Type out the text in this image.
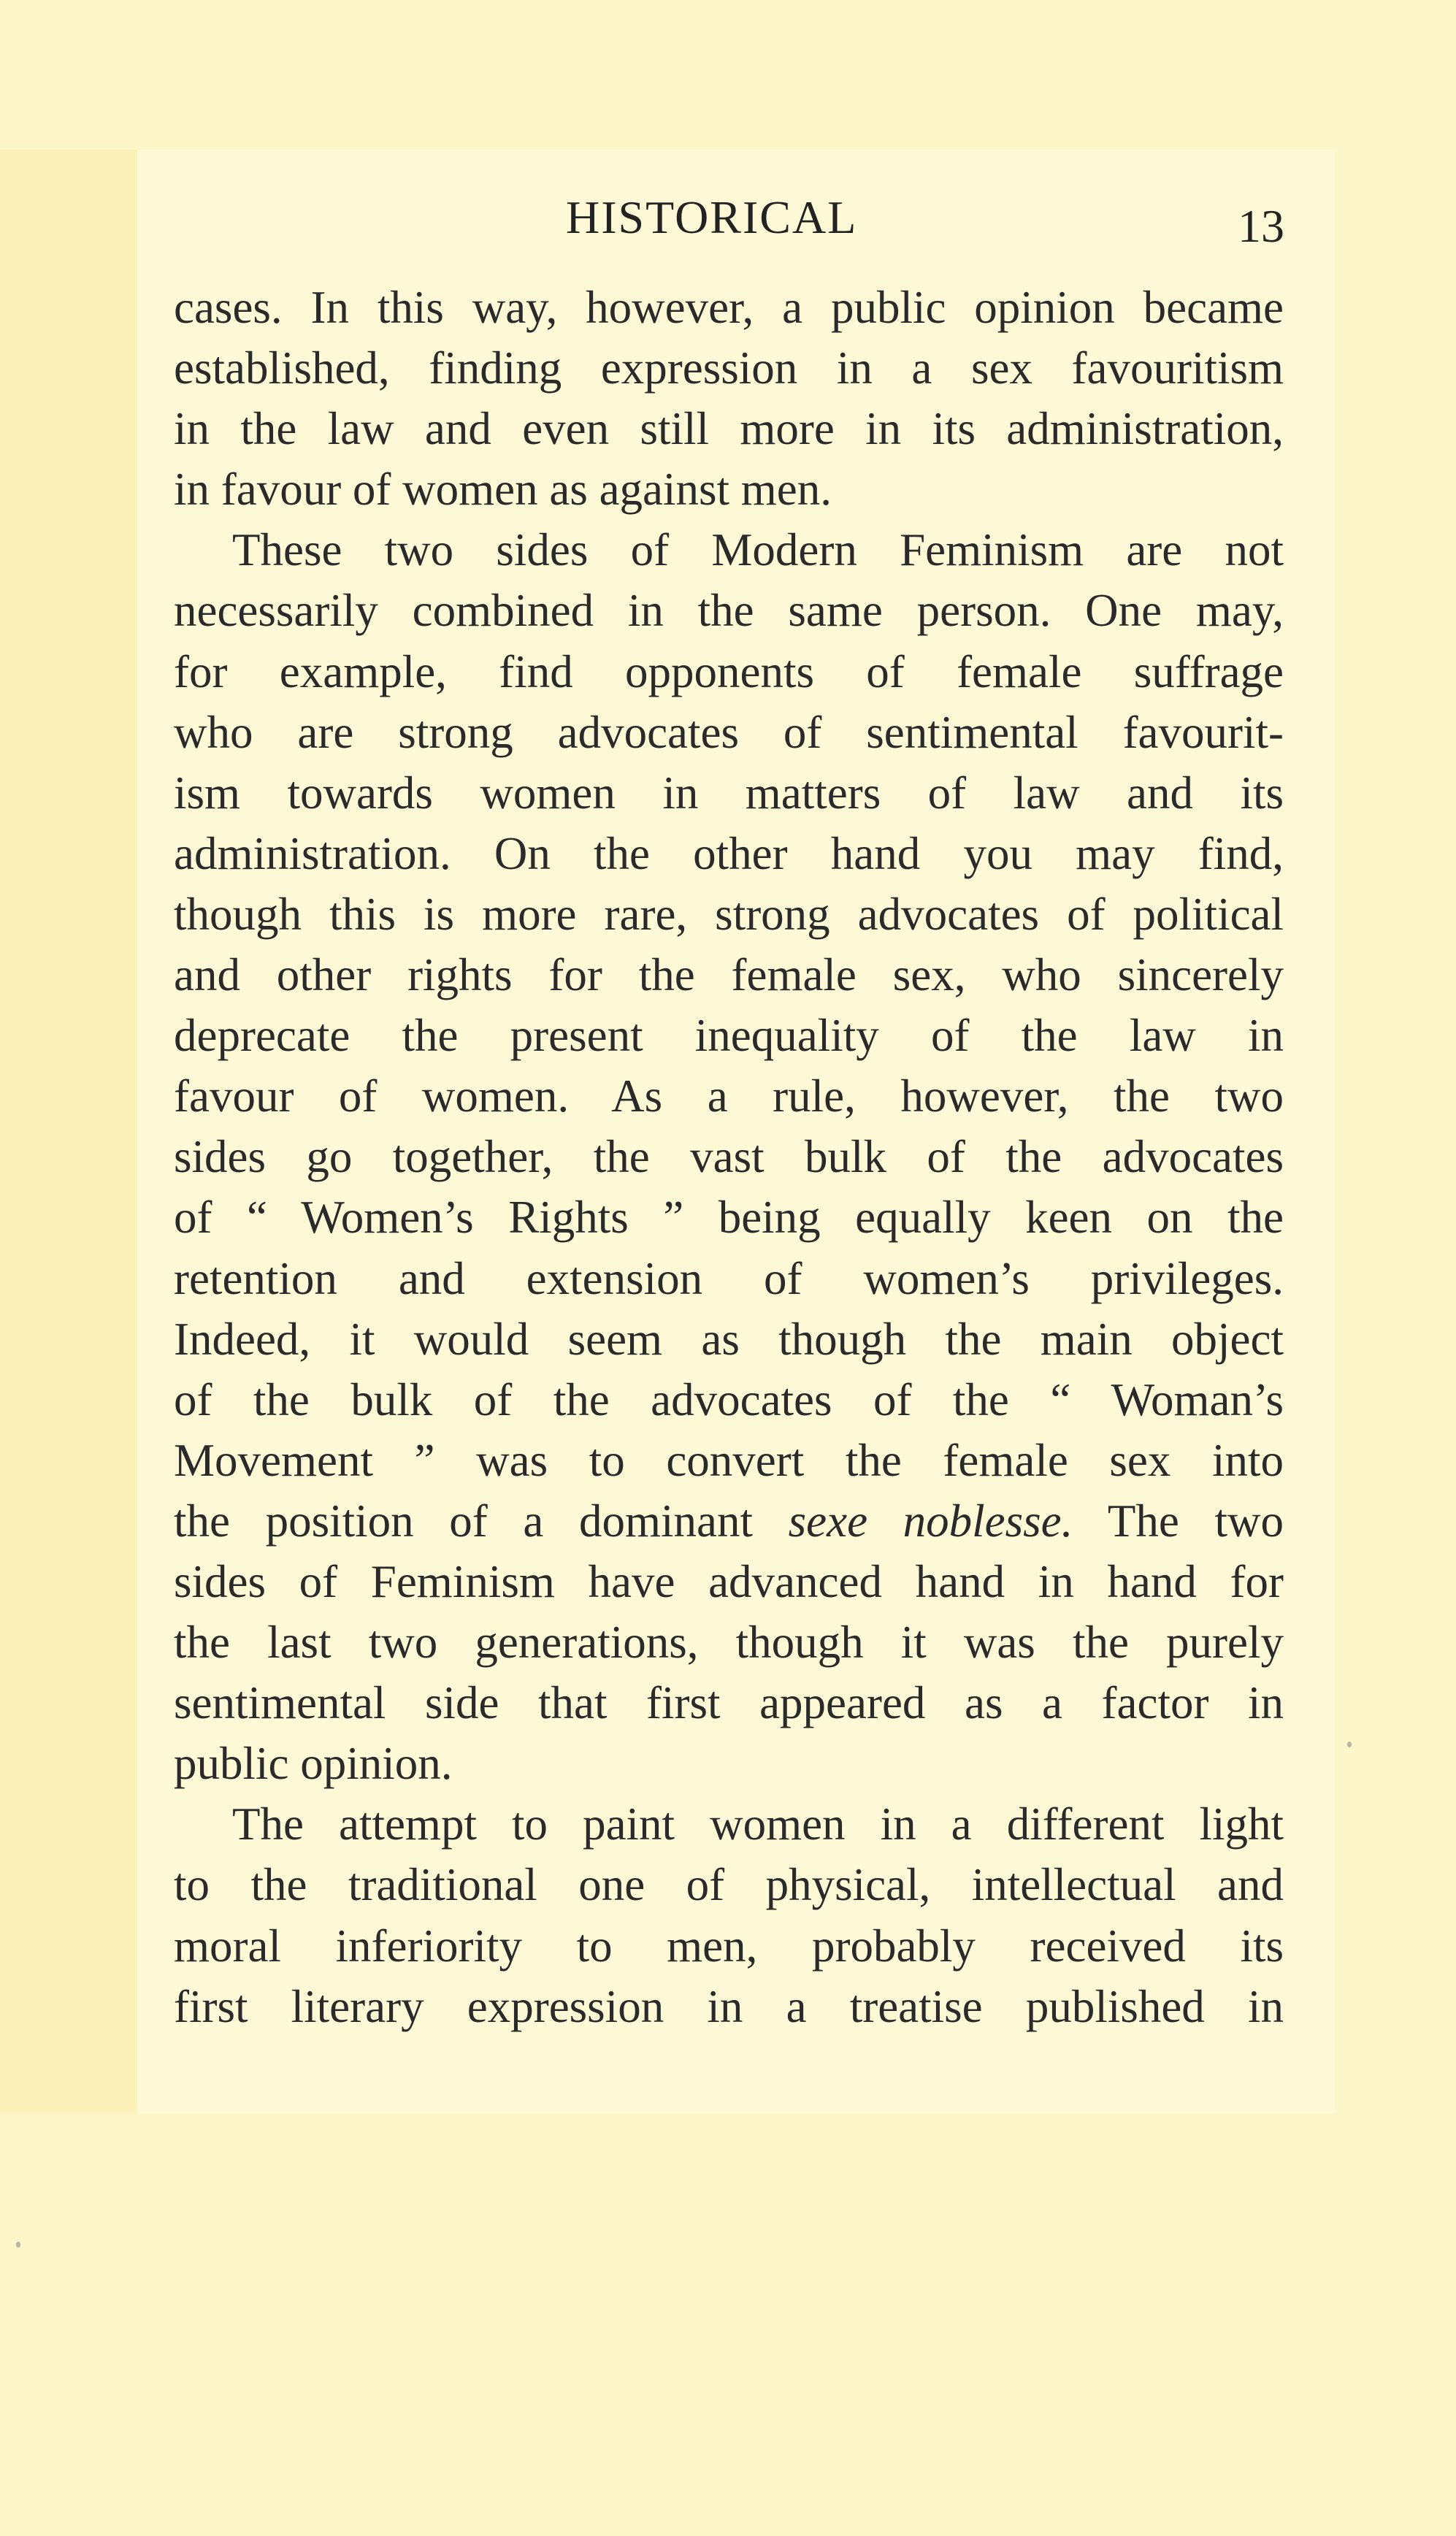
HISTORICAL	13
cases. In this way, however, a public opinion became
established, finding expression in a sex favouritism
in the law and even still more in its administration,
in favour of women as against men.
These two sides of Modern Feminism are not
necessarily combined in the same person. One may,
for example, find opponents of female suffrage
who are strong advocates of sentimental favourit-
ism towards women in matters of law and its
administration. On the other hand you may find,
though this is more rare, strong advocates of political
and other rights for the female sex, who sincerely
deprecate the present inequality of the law in
favour of women. As a rule, however, the two
sides go together, the vast bulk of the advocates
of “ Women’s Rights ” being equally keen on the
retention and extension of women’s privileges.
Indeed, it would seem as though the main object
of the bulk of the advocates of the “ Woman’s
Movement ” was to convert the female sex into
the position of a dominant sexe noblesse. The two
sides of Feminism have advanced hand in hand for
the last two generations, though it was the purely
sentimental side that first appeared as a factor in
public opinion.
The attempt to paint women in a different light
to the traditional one of physical, intellectual and
moral inferiority to men, probably received its
first literary expression in a treatise published in
